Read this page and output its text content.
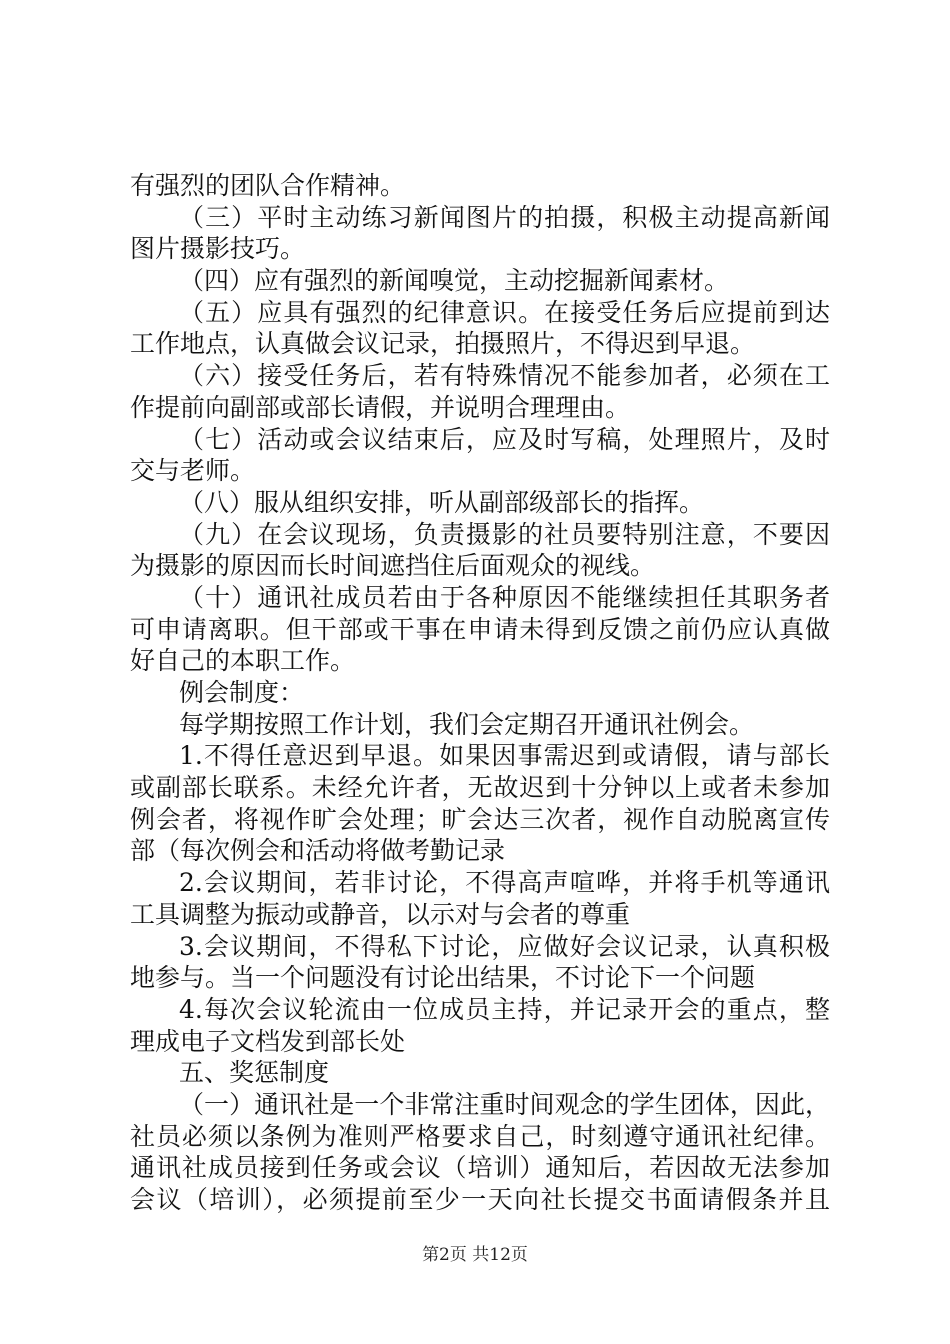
有强烈的团队合作精神。
（三）平时主动练习新闻图片的拍摄，积极主动提高新闻
图片摄影技巧。
（四）应有强烈的新闻嗅觉，主动挖掘新闻素材。
（五）应具有强烈的纪律意识。在接受任务后应提前到达
工作地点，认真做会议记录，拍摄照片，不得迟到早退。
（六）接受任务后，若有特殊情况不能参加者，必须在工
作提前向副部或部长请假，并说明合理理由。
（七）活动或会议结束后，应及时写稿，处理照片，及时
交与老师。
（八）服从组织安排，听从副部级部长的指挥。
（九）在会议现场，负责摄影的社员要特别注意，不要因
为摄影的原因而长时间遮挡住后面观众的视线。
（十）通讯社成员若由于各种原因不能继续担任其职务者
可申请离职。但干部或干事在申请未得到反馈之前仍应认真做
好自己的本职工作。
例会制度：
每学期按照工作计划，我们会定期召开通讯社例会。
1.不得任意迟到早退。如果因事需迟到或请假，请与部长
或副部长联系。未经允许者，无故迟到十分钟以上或者未参加
例会者，将视作旷会处理；旷会达三次者，视作自动脱离宣传
部（每次例会和活动将做考勤记录
2.会议期间，若非讨论，不得高声喧哗，并将手机等通讯
工具调整为振动或静音，以示对与会者的尊重
3.会议期间，不得私下讨论，应做好会议记录，认真积极
地参与。当一个问题没有讨论出结果，不讨论下一个问题
4.每次会议轮流由一位成员主持，并记录开会的重点，整
理成电子文档发到部长处
五、奖惩制度
（一）通讯社是一个非常注重时间观念的学生团体，因此，
社员必须以条例为准则严格要求自己，时刻遵守通讯社纪律。
通讯社成员接到任务或会议（培训）通知后，若因故无法参加
会议（培训），必须提前至少一天向社长提交书面请假条并且
第2页 共12页
